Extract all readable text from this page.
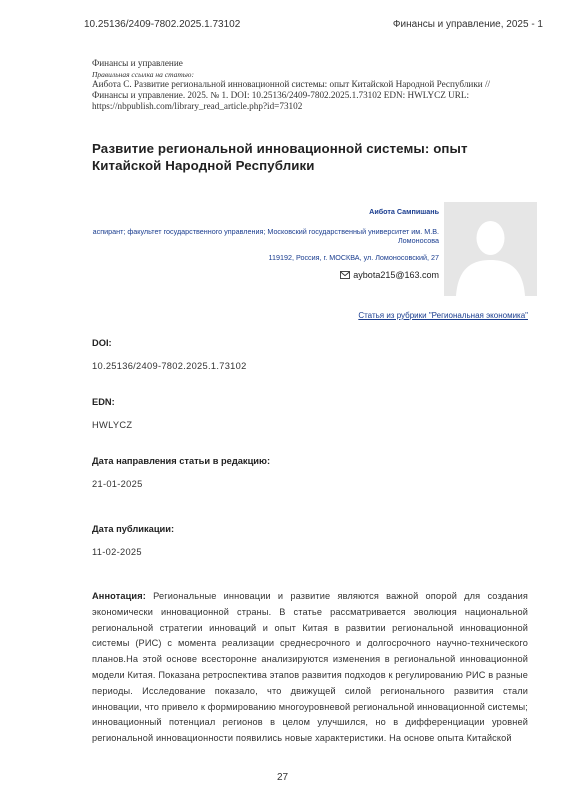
10.25136/2409-7802.2025.1.73102	Финансы и управление, 2025 - 1
Финансы и управление
Правильная ссылка на статью:
Аибота С. Развитие региональной инновационной системы: опыт Китайской Народной Республики //
Финансы и управление. 2025. № 1. DOI: 10.25136/2409-7802.2025.1.73102 EDN: HWLYCZ URL:
https://nbpublish.com/library_read_article.php?id=73102
Развитие региональной инновационной системы: опыт
Китайской Народной Республики
Аибота Сампишань
аспирант; факультет государственного управления; Московский государственный университет им. М.В.
Ломоносова
119192, Россия, г. МОСКВА, ул. Ломоносовский, 27
aybota215@163.com
Статья из рубрики "Региональная экономика"
DOI:
10.25136/2409-7802.2025.1.73102
EDN:
HWLYCZ
Дата направления статьи в редакцию:
21-01-2025
Дата публикации:
11-02-2025
Аннотация: Региональные инновации и развитие являются важной опорой для создания экономически инновационной страны. В статье рассматривается эволюция национальной региональной стратегии инноваций и опыт Китая в развитии региональной инновационной системы (РИС) с момента реализации среднесрочного и долгосрочного научно-технического планов.На этой основе всесторонне анализируются изменения в региональной инновационной модели Китая. Показана ретроспектива этапов развития подходов к регулированию РИС в разные периоды. Исследование показало, что движущей силой регионального развития стали инновации, что привело к формированию многоуровневой региональной инновационной системы; инновационный потенциал регионов в целом улучшился, но в дифференциации уровней региональной инновационности появились новые характеристики. На основе опыта Китайской
27
